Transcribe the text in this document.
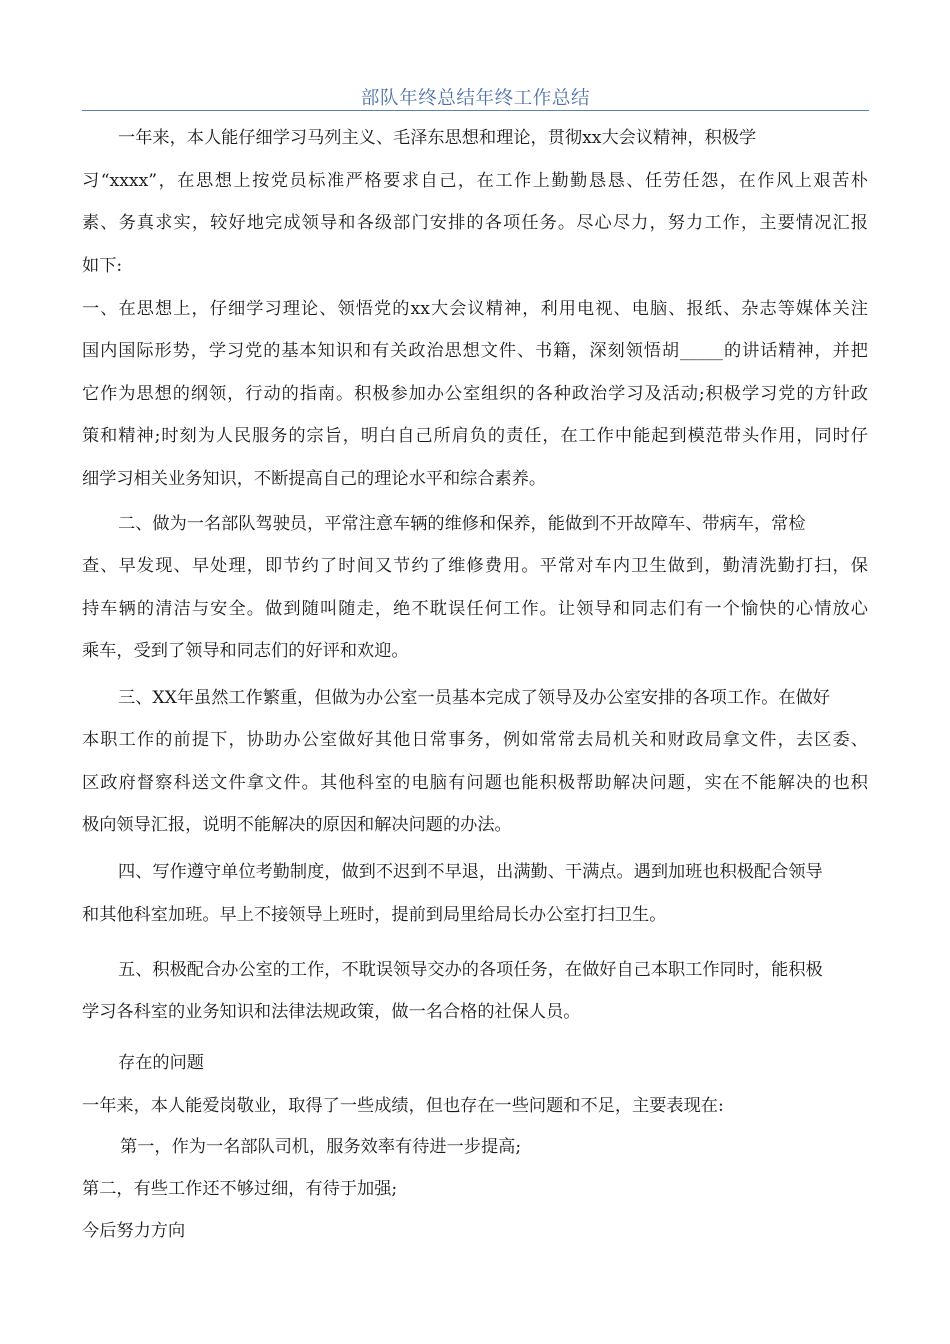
部队年终总结年终工作总结

一年来，本人能仔细学习马列主义、毛泽东思想和理论，贯彻xx大会议精神，积极学

习“xxxx”，在思想上按党员标准严格要求自己，在工作上勤勤恳恳、任劳任怨，在作风上艰苦朴

素、务真求实，较好地完成领导和各级部门安排的各项任务。尽心尽力，努力工作，主要情况汇报

如下:

一、在思想上，仔细学习理论、领悟党的xx大会议精神，利用电视、电脑、报纸、杂志等媒体关注

国内国际形势，学习党的基本知识和有关政治思想文件、书籍，深刻领悟胡_____的讲话精神，并把

它作为思想的纲领，行动的指南。积极参加办公室组织的各种政治学习及活动;积极学习党的方针政

策和精神;时刻为人民服务的宗旨，明白自己所肩负的责任，在工作中能起到模范带头作用，同时仔

细学习相关业务知识，不断提高自己的理论水平和综合素养。

二、做为一名部队驾驶员，平常注意车辆的维修和保养，能做到不开故障车、带病车，常检

查、早发现、早处理，即节约了时间又节约了维修费用。平常对车内卫生做到，勤清洗勤打扫，保

持车辆的清洁与安全。做到随叫随走，绝不耽误任何工作。让领导和同志们有一个愉快的心情放心

乘车，受到了领导和同志们的好评和欢迎。

三、XX年虽然工作繁重，但做为办公室一员基本完成了领导及办公室安排的各项工作。在做好

本职工作的前提下，协助办公室做好其他日常事务，例如常常去局机关和财政局拿文件，去区委、

区政府督察科送文件拿文件。其他科室的电脑有问题也能积极帮助解决问题，实在不能解决的也积

极向领导汇报，说明不能解决的原因和解决问题的办法。

四、写作遵守单位考勤制度，做到不迟到不早退，出满勤、干满点。遇到加班也积极配合领导

和其他科室加班。早上不接领导上班时，提前到局里给局长办公室打扫卫生。

五、积极配合办公室的工作，不耽误领导交办的各项任务，在做好自己本职工作同时，能积极

学习各科室的业务知识和法律法规政策，做一名合格的社保人员。

存在的问题

一年来，本人能爱岗敬业，取得了一些成绩，但也存在一些问题和不足，主要表现在:

第一，作为一名部队司机，服务效率有待进一步提高;

第二，有些工作还不够过细，有待于加强;

今后努力方向
